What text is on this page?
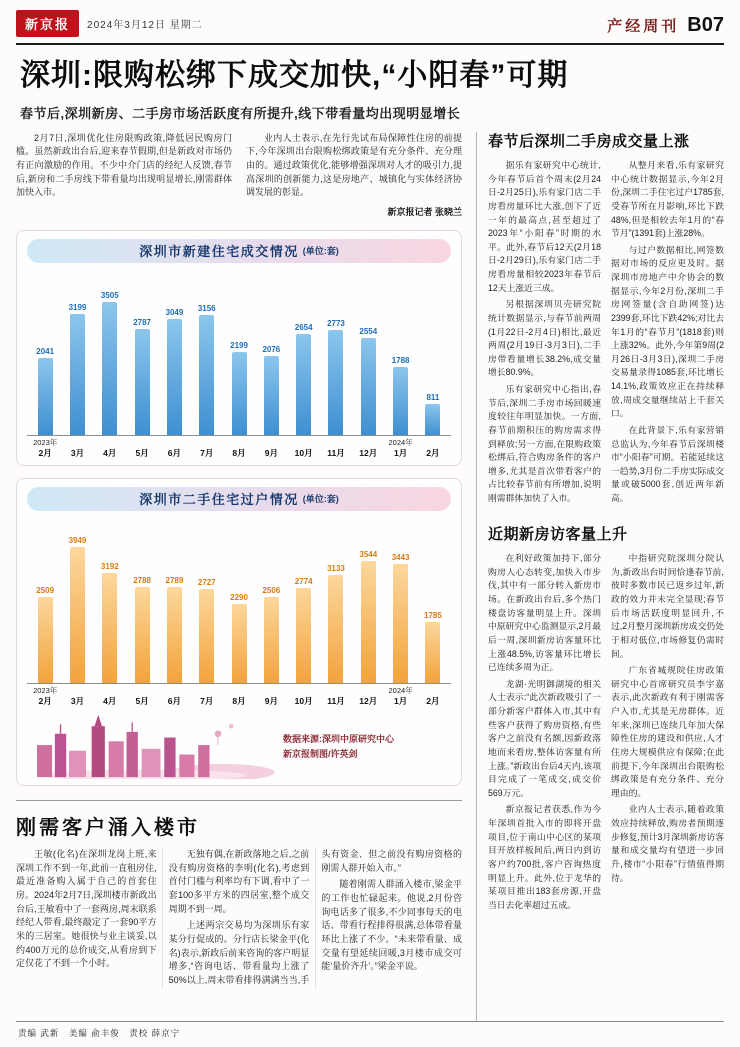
新京报	2024年3月12日 星期二	产经周刊 B07
深圳:限购松绑下成交加快,“小阳春”可期

春节后,深圳新房、二手房市场活跃度有所提升,线下带看量均出现明显增长

2月7日,深圳优化住房限购政策,降低居民购房门槛。虽然新政出台后,迎来春节假期,但是新政对市场仍有正向激励的作用。不少中介门店的经纪人反馈,春节后,新房和二手房线下带看量均出现明显增长,刚需群体加快入市。

业内人士表示,在先行先试布局保障性住房的前提下,今年深圳出台限购松绑政策是有充分条件、充分理由的。通过政策优化,能够增强深圳对人才的吸引力,提高深圳的创新能力,这是房地产、城镇化与实体经济协调发展的彰显。

新京报记者 张晓兰

深圳市新建住宅成交情况 (单位:套)
2041
3199
3505
2787
3049 3156
2199 2076
2654 2773
2554
1788
811
2023年
2月	3月	4月	5月	6月	7月	8月	9月	10月	11月	12月
2024年
1月	2月
深圳市二手住宅过户情况 (单位:套)
2509
3949
3192
2788 2789 2727
2290
2506
2774
3133
3544 3443
1785
2023年
2月	3月	4月	5月	6月	7月	8月	9月	10月	11月	12月
2024年
1月	2月
数据来源:深圳中原研究中心
新京报制图/许英剑
刚需客户涌入楼市

王敏(化名)在深圳龙岗上班,来深圳工作不到一年,此前一直租房住,最近准备购入属于自己的首套住房。2024年2月7日,深圳楼市新政出台后,王敏看中了一套两房,周末联系经纪人带看,最终敲定了一套90平方米的三居室。她很快与业主谈妥,以约400万元的总价成交,从看房到下定仅花了不到一个小时。

无独有偶,在新政落地之后,之前没有购房资格的李明(化名),考虑到首付门槛与利率均有下调,看中了一套100多平方米的四居室,整个成交周期不到一周。

上述两宗交易均为深圳乐有家某分行促成的。分行店长梁金平(化名)表示,新政后前来咨询的客户明显增多,“咨询电话、带看量均上涨了50%以上,周末带看排得满满当当,手头有资金、但之前没有购房资格的刚需人群开始入市。”

随着刚需人群涌入楼市,梁金平的工作也忙碌起来。他说,2月份咨询电话多了很多,不少同事每天的电话、带看行程排得很满,总体带看量环比上涨了不少。“未来带看量、成交量有望延续回暖,3月楼市成交可能‘量价齐升’。”梁金平说。

春节后深圳二手房成交量上涨

据乐有家研究中心统计,今年春节后首个周末(2月24日-2月25日),乐有家门店二手房看房量环比大涨,创下了近一年的最高点,甚至超过了2023年“小阳春”时期的水平。此外,春节后12天(2月18日-2月29日),乐有家门店二手房看房量相较2023年春节后12天上涨近三成。

另根据深圳贝壳研究院统计数据显示,与春节前两周(1月22日-2月4日)相比,最近两周(2月19日-3月3日),二手房带看量增长38.2%,成交量增长80.9%。

乐有家研究中心指出,春节后,深圳二手房市场回暖速度较往年明显加快。一方面,春节前期积压的购房需求得到释放;另一方面,在限购政策松绑后,符合购房条件的客户增多,尤其是首次带看客户的占比较春节前有所增加,说明刚需群体加快了入市。

从整月来看,乐有家研究中心统计数据显示,今年2月份,深圳二手住宅过户1785套,受春节所在月影响,环比下跌48%,但是相较去年1月的“春节月”(1391套)上涨28%。

与过户数据相比,网签数据对市场的反应更及时。据深圳市房地产中介协会的数据显示,今年2月份,深圳二手房网签量(含自助网签)达2399套,环比下跌42%;对比去年1月的“春节月”(1818套)则上涨32%。此外,今年第9周(2月26日-3月3日),深圳二手房交易量录得1085套,环比增长14.1%,政策效应正在持续释放,周成交量继续站上千套关口。

在此背景下,乐有家营销总监认为,今年春节后深圳楼市“小阳春”可期。若能延续这一趋势,3月份二手房实际成交量或破5000套,创近两年新高。

近期新房访客量上升

在利好政策加持下,部分购房人心态转变,加快入市步伐,其中有一部分转入新房市场。在新政出台后,多个热门楼盘访客量明显上升。深圳中原研究中心监测显示,2月最后一周,深圳新房访客量环比上涨48.5%,访客量环比增长已连续多周为正。

龙湖·光明御湖境的相关人士表示:“此次新政吸引了一部分新客户群体入市,其中有些客户获得了购房资格,有些客户之前没有名额,因新政落地而来看房,整体访客量有所上涨。”新政出台后4天内,该项目完成了一笔成交,成交价569万元。

新京报记者获悉,作为今年深圳首批入市的即将开盘项目,位于南山中心区的某项目开放样板间后,两日内到访客户约700批,客户咨询热度明显上升。此外,位于龙华的某项目推出183套房源,开盘当日去化率超过五成。

中指研究院深圳分院认为,新政出台时间恰逢春节前,彼时多数市民已返乡过年,新政的效力并未完全显现;春节后市场活跃度明显回升,不过,2月整月深圳新房成交仍处于相对低位,市场修复仍需时间。

广东省城规院住房政策研究中心首席研究员李宇嘉表示,此次新政有利于刚需客户入市,尤其是无房群体。近年来,深圳已连续几年加大保障性住房的建设和供应,人才住房大规模供应有保障;在此前提下,今年深圳出台限购松绑政策是有充分条件、充分理由的。

业内人士表示,随着政策效应持续释放,购房者预期逐步修复,预计3月深圳新房访客量和成交量均有望进一步回升,楼市“小阳春”行情值得期待。

责编 武新　美编 俞丰俊　责校 薛京宁
